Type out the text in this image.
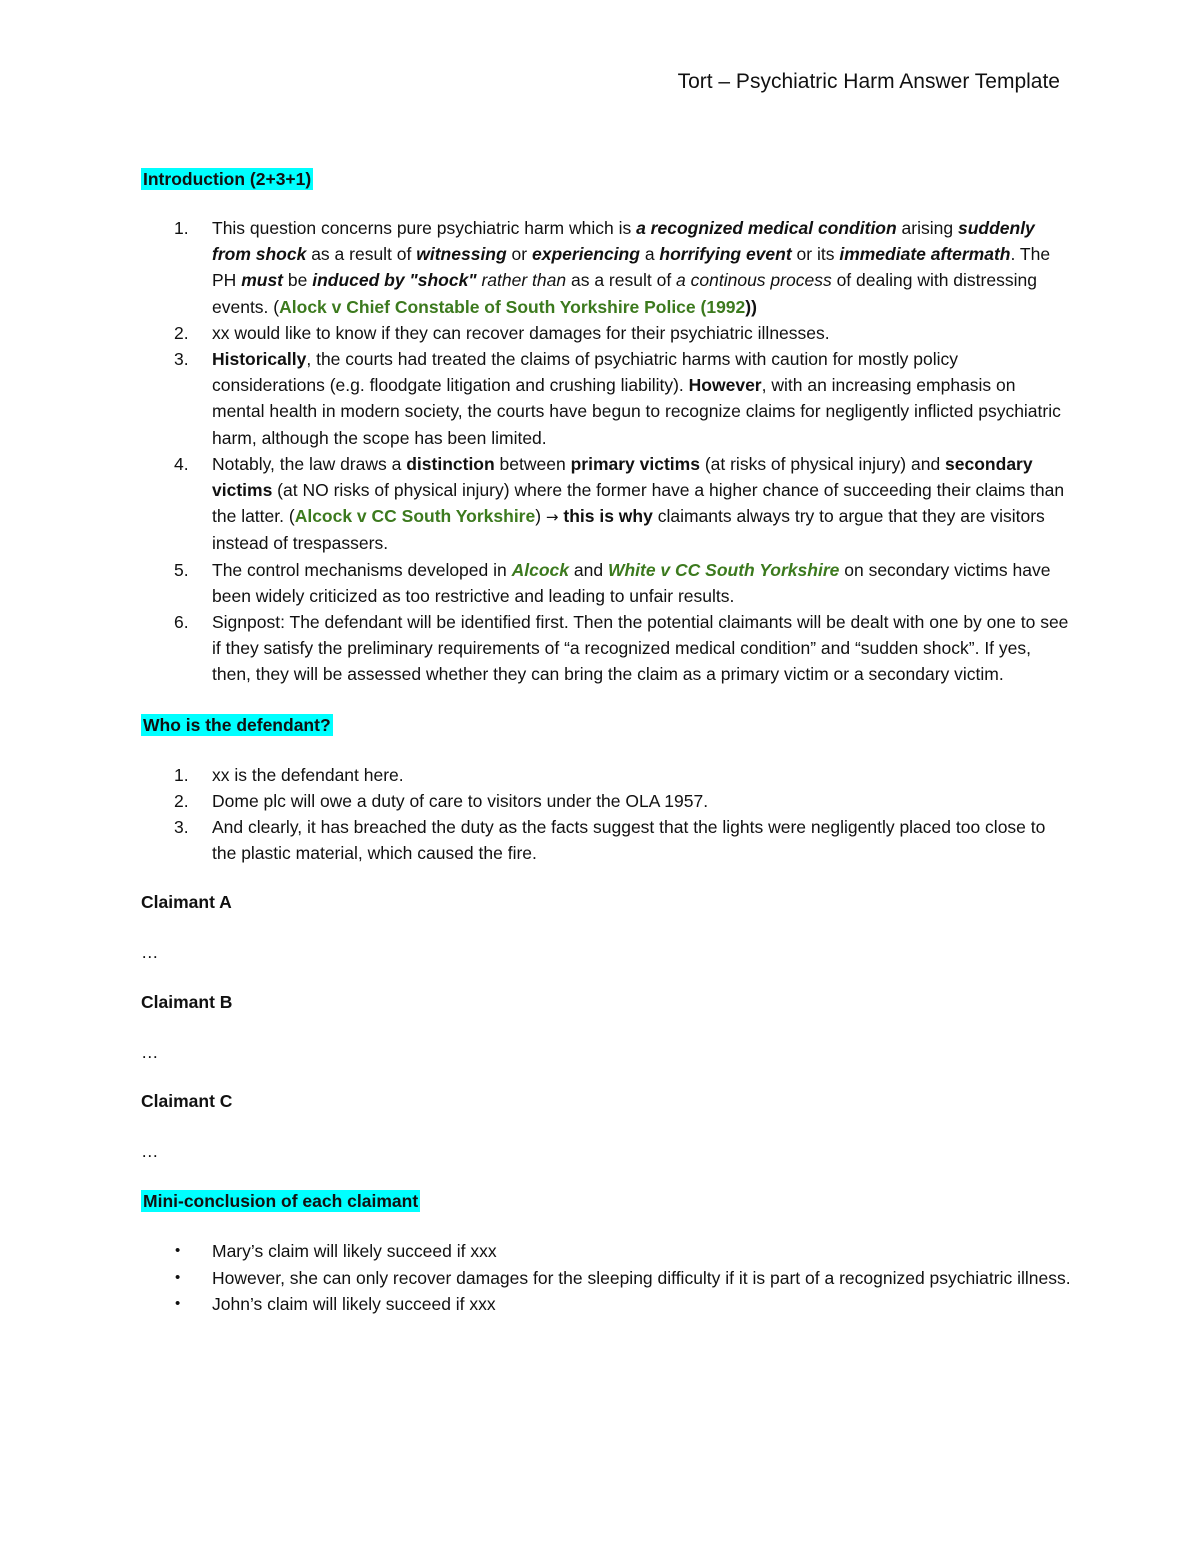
Tort – Psychiatric Harm Answer Template

Introduction (2+3+1)

1. This question concerns pure psychiatric harm which is a recognized medical condition arising suddenly from shock as a result of witnessing or experiencing a horrifying event or its immediate aftermath. The PH must be induced by "shock" rather than as a result of a continous process of dealing with distressing events. (Alock v Chief Constable of South Yorkshire Police (1992))
2. xx would like to know if they can recover damages for their psychiatric illnesses.
3. Historically, the courts had treated the claims of psychiatric harms with caution for mostly policy considerations (e.g. floodgate litigation and crushing liability). However, with an increasing emphasis on mental health in modern society, the courts have begun to recognize claims for negligently inflicted psychiatric harm, although the scope has been limited.
4. Notably, the law draws a distinction between primary victims (at risks of physical injury) and secondary victims (at NO risks of physical injury) where the former have a higher chance of succeeding their claims than the latter. (Alcock v CC South Yorkshire) → this is why claimants always try to argue that they are visitors instead of trespassers.
5. The control mechanisms developed in Alcock and White v CC South Yorkshire on secondary victims have been widely criticized as too restrictive and leading to unfair results.
6. Signpost: The defendant will be identified first. Then the potential claimants will be dealt with one by one to see if they satisfy the preliminary requirements of “a recognized medical condition” and “sudden shock”. If yes, then, they will be assessed whether they can bring the claim as a primary victim or a secondary victim.

Who is the defendant?

1. xx is the defendant here.
2. Dome plc will owe a duty of care to visitors under the OLA 1957.
3. And clearly, it has breached the duty as the facts suggest that the lights were negligently placed too close to the plastic material, which caused the fire.

Claimant A

…

Claimant B

…

Claimant C

…

Mini-conclusion of each claimant

• Mary’s claim will likely succeed if xxx
• However, she can only recover damages for the sleeping difficulty if it is part of a recognized psychiatric illness.
• John’s claim will likely succeed if xxx
